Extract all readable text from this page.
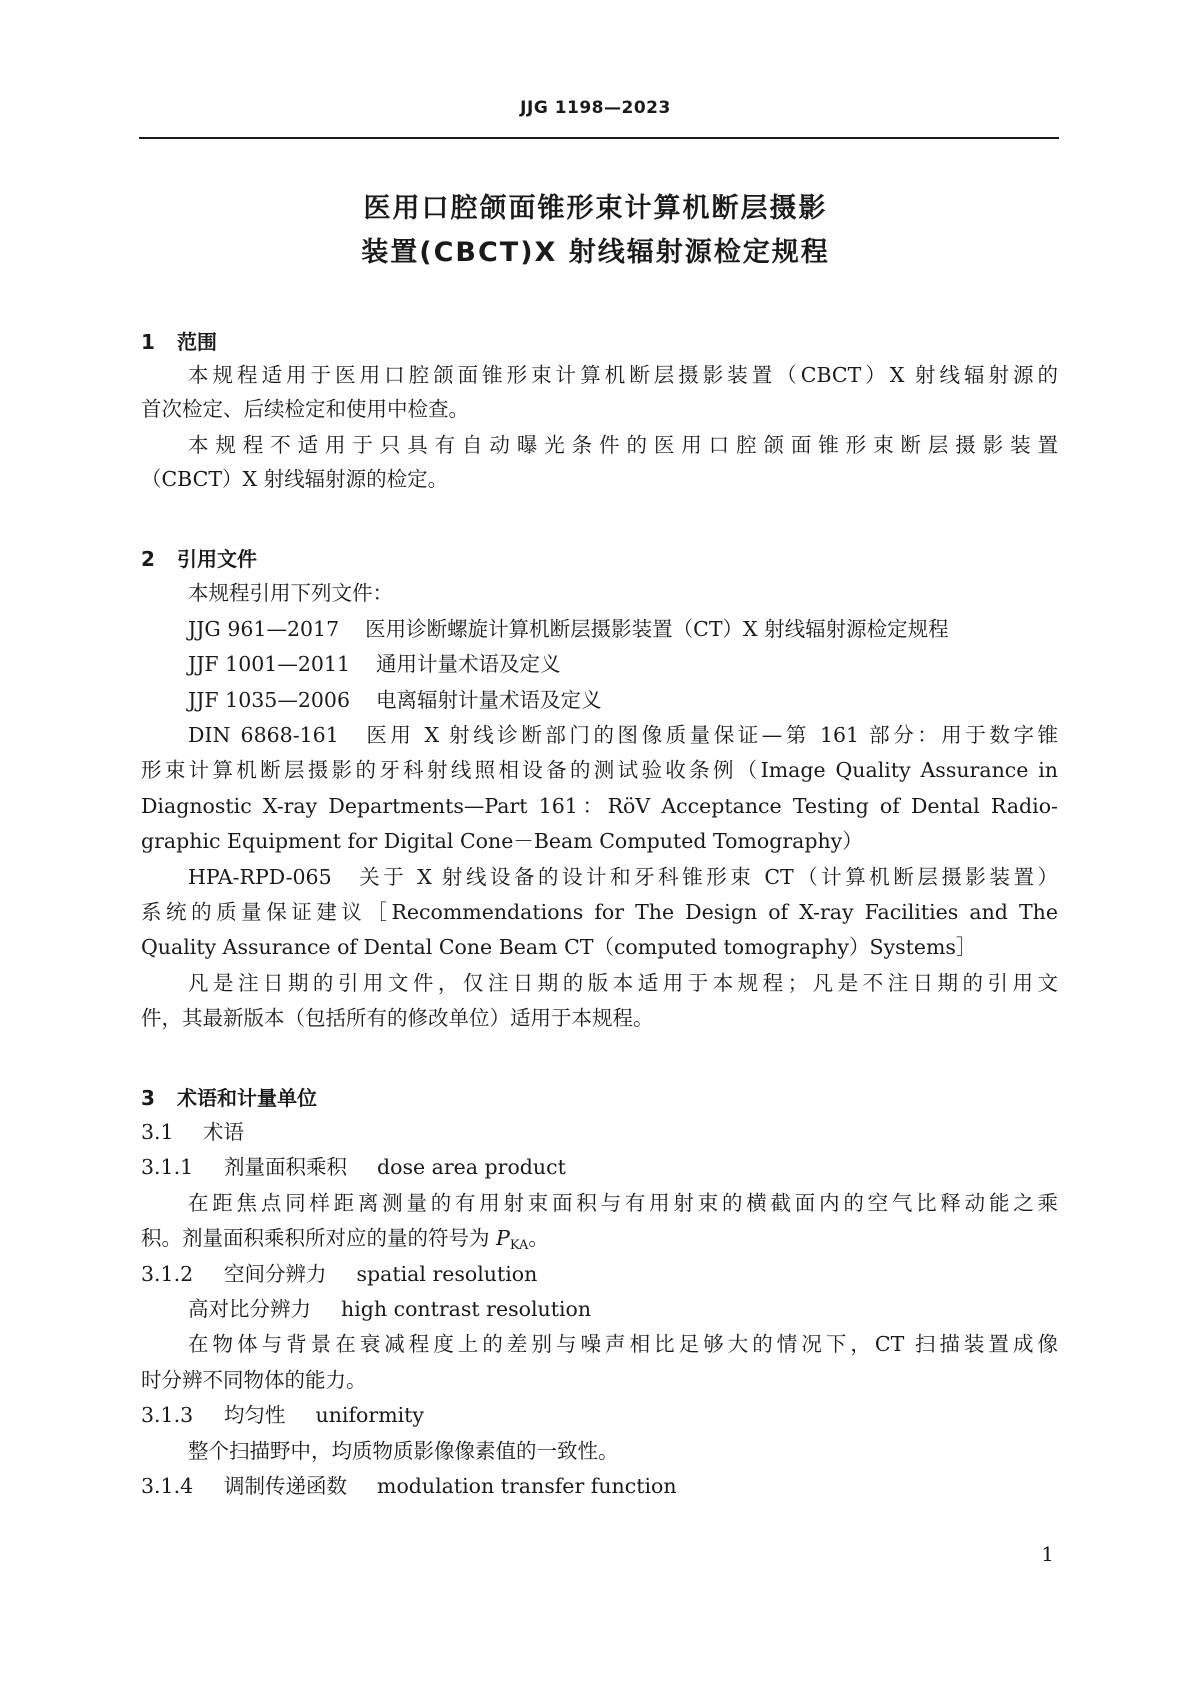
JJG 1198—2023
医用口腔颌面锥形束计算机断层摄影
装置(CBCT)X 射线辐射源检定规程
1 范围
本规程适用于医用口腔颌面锥形束计算机断层摄影装置（CBCT）X 射线辐射源的
首次检定、后续检定和使用中检查。
本规程不适用于只具有自动曝光条件的医用口腔颌面锥形束断层摄影装置
（CBCT）X 射线辐射源的检定。
2 引用文件
本规程引用下列文件：
JJG 961—2017 医用诊断螺旋计算机断层摄影装置（CT）X 射线辐射源检定规程
JJF 1001—2011 通用计量术语及定义
JJF 1035—2006 电离辐射计量术语及定义
DIN 6868-161　医用 X 射线诊断部门的图像质量保证—第 161 部分：用于数字锥
形束计算机断层摄影的牙科射线照相设备的测试验收条例（Image Quality Assurance in
Diagnostic X-ray Departments—Part 161：RöV Acceptance Testing of Dental Radio-
graphic Equipment for Digital Cone－Beam Computed Tomography）
HPA-RPD-065　关于 X 射线设备的设计和牙科锥形束 CT（计算机断层摄影装置）
系统的质量保证建议［Recommendations for The Design of X-ray Facilities and The
Quality Assurance of Dental Cone Beam CT（computed tomography）Systems］
凡是注日期的引用文件，仅注日期的版本适用于本规程；凡是不注日期的引用文
件，其最新版本（包括所有的修改单位）适用于本规程。
3 术语和计量单位
3.1 术语
3.1.1 剂量面积乘积 dose area product
在距焦点同样距离测量的有用射束面积与有用射束的横截面内的空气比释动能之乘
积。剂量面积乘积所对应的量的符号为 $P_{KA}$。
3.1.2 空间分辨力 spatial resolution
高对比分辨力 high contrast resolution
在物体与背景在衰减程度上的差别与噪声相比足够大的情况下，CT 扫描装置成像
时分辨不同物体的能力。
3.1.3 均匀性 uniformity
整个扫描野中，均质物质影像像素值的一致性。
3.1.4 调制传递函数 modulation transfer function
1
